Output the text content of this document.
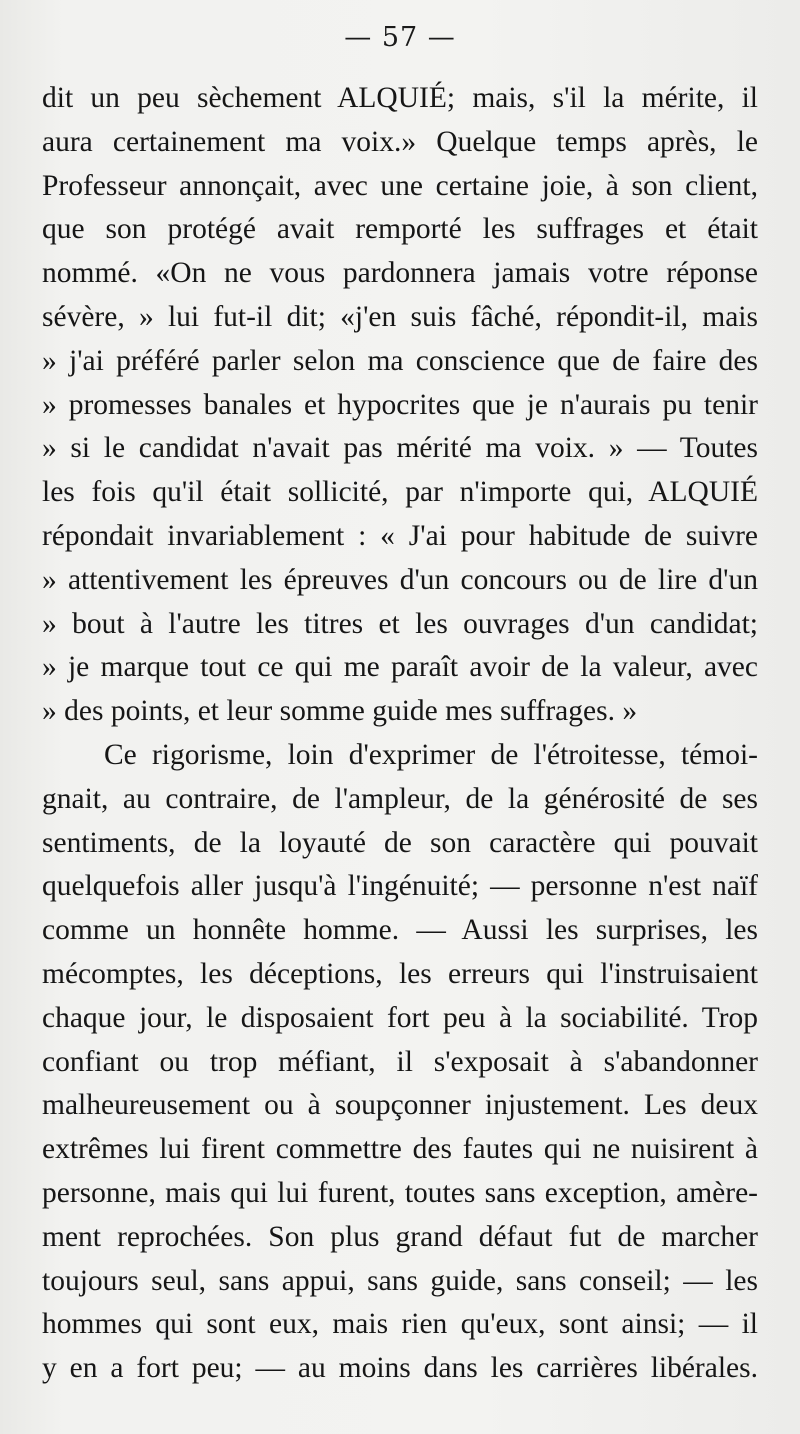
— 57 —
dit un peu sèchement ALQUIÉ; mais, s'il la mérite, il
aura certainement ma voix.» Quelque temps après, le
Professeur annonçait, avec une certaine joie, à son client,
que son protégé avait remporté les suffrages et était
nommé. «On ne vous pardonnera jamais votre réponse
sévère, » lui fut-il dit; «j'en suis fâché, répondit-il, mais
» j'ai préféré parler selon ma conscience que de faire des
» promesses banales et hypocrites que je n'aurais pu tenir
» si le candidat n'avait pas mérité ma voix. » — Toutes
les fois qu'il était sollicité, par n'importe qui, ALQUIÉ
répondait invariablement : « J'ai pour habitude de suivre
» attentivement les épreuves d'un concours ou de lire d'un
» bout à l'autre les titres et les ouvrages d'un candidat;
» je marque tout ce qui me paraît avoir de la valeur, avec
» des points, et leur somme guide mes suffrages. »
Ce rigorisme, loin d'exprimer de l'étroitesse, témoi-
gnait, au contraire, de l'ampleur, de la générosité de ses
sentiments, de la loyauté de son caractère qui pouvait
quelquefois aller jusqu'à l'ingénuité; — personne n'est naïf
comme un honnête homme. — Aussi les surprises, les
mécomptes, les déceptions, les erreurs qui l'instruisaient
chaque jour, le disposaient fort peu à la sociabilité. Trop
confiant ou trop méfiant, il s'exposait à s'abandonner
malheureusement ou à soupçonner injustement. Les deux
extrêmes lui firent commettre des fautes qui ne nuisirent à
personne, mais qui lui furent, toutes sans exception, amère-
ment reprochées. Son plus grand défaut fut de marcher
toujours seul, sans appui, sans guide, sans conseil; — les
hommes qui sont eux, mais rien qu'eux, sont ainsi; — il
y en a fort peu; — au moins dans les carrières libérales.
